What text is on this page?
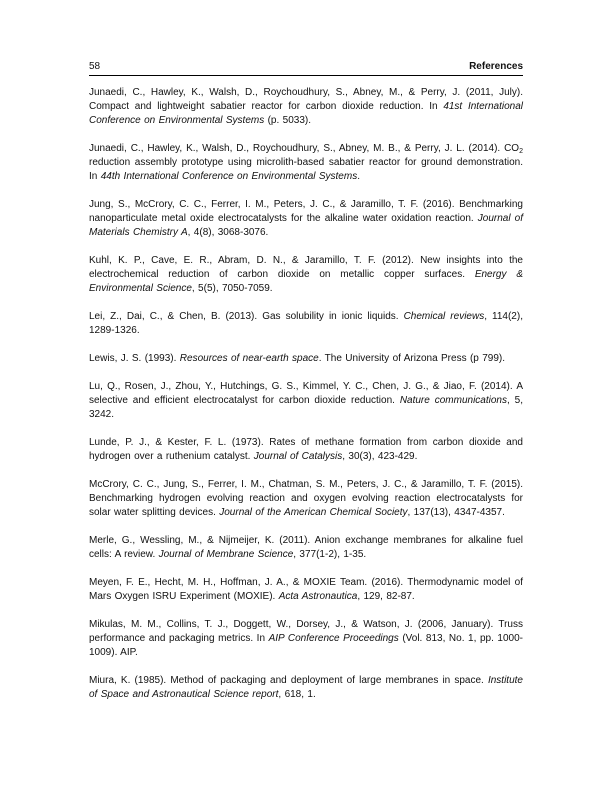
58	References

Junaedi, C., Hawley, K., Walsh, D., Roychoudhury, S., Abney, M., & Perry, J. (2011, July). Compact and lightweight sabatier reactor for carbon dioxide reduction. In 41st International Conference on Environmental Systems (p. 5033).

Junaedi, C., Hawley, K., Walsh, D., Roychoudhury, S., Abney, M. B., & Perry, J. L. (2014). $CO_2$ reduction assembly prototype using microlith-based sabatier reactor for ground demonstration. In 44th International Conference on Environmental Systems.

Jung, S., McCrory, C. C., Ferrer, I. M., Peters, J. C., & Jaramillo, T. F. (2016). Benchmarking nanoparticulate metal oxide electrocatalysts for the alkaline water oxidation reaction. Journal of Materials Chemistry A, 4(8), 3068-3076.

Kuhl, K. P., Cave, E. R., Abram, D. N., & Jaramillo, T. F. (2012). New insights into the electrochemical reduction of carbon dioxide on metallic copper surfaces. Energy & Environmental Science, 5(5), 7050-7059.

Lei, Z., Dai, C., & Chen, B. (2013). Gas solubility in ionic liquids. Chemical reviews, 114(2), 1289-1326.

Lewis, J. S. (1993). Resources of near-earth space. The University of Arizona Press (p 799).

Lu, Q., Rosen, J., Zhou, Y., Hutchings, G. S., Kimmel, Y. C., Chen, J. G., & Jiao, F. (2014). A selective and efficient electrocatalyst for carbon dioxide reduction. Nature communications, 5, 3242.

Lunde, P. J., & Kester, F. L. (1973). Rates of methane formation from carbon dioxide and hydrogen over a ruthenium catalyst. Journal of Catalysis, 30(3), 423-429.

McCrory, C. C., Jung, S., Ferrer, I. M., Chatman, S. M., Peters, J. C., & Jaramillo, T. F. (2015). Benchmarking hydrogen evolving reaction and oxygen evolving reaction electrocatalysts for solar water splitting devices. Journal of the American Chemical Society, 137(13), 4347-4357.

Merle, G., Wessling, M., & Nijmeijer, K. (2011). Anion exchange membranes for alkaline fuel cells: A review. Journal of Membrane Science, 377(1-2), 1-35.

Meyen, F. E., Hecht, M. H., Hoffman, J. A., & MOXIE Team. (2016). Thermodynamic model of Mars Oxygen ISRU Experiment (MOXIE). Acta Astronautica, 129, 82-87.

Mikulas, M. M., Collins, T. J., Doggett, W., Dorsey, J., & Watson, J. (2006, January). Truss performance and packaging metrics. In AIP Conference Proceedings (Vol. 813, No. 1, pp. 1000-1009). AIP.

Miura, K. (1985). Method of packaging and deployment of large membranes in space. Institute of Space and Astronautical Science report, 618, 1.
